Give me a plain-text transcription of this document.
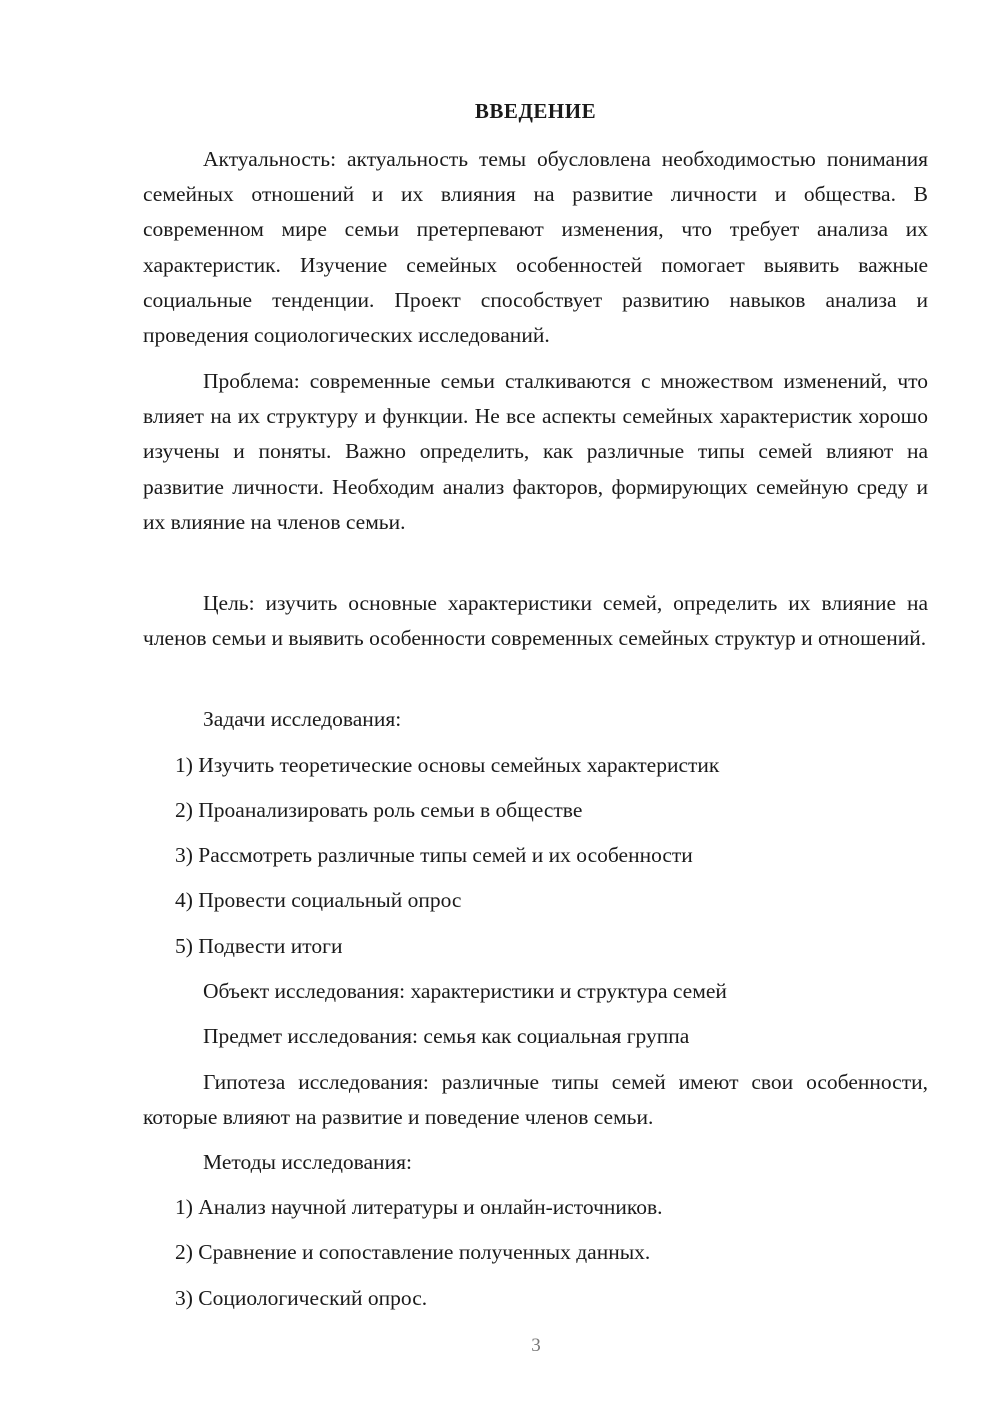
ВВЕДЕНИЕ

Актуальность: актуальность темы обусловлена необходимостью понимания семейных отношений и их влияния на развитие личности и общества. В современном мире семьи претерпевают изменения, что требует анализа их характеристик. Изучение семейных особенностей помогает выявить важные социальные тенденции. Проект способствует развитию навыков анализа и проведения социологических исследований.

Проблема: современные семьи сталкиваются с множеством изменений, что влияет на их структуру и функции. Не все аспекты семейных характеристик хорошо изучены и поняты. Важно определить, как различные типы семей влияют на развитие личности. Необходим анализ факторов, формирующих семейную среду и их влияние на членов семьи.

Цель: изучить основные характеристики семей, определить их влияние на членов семьи и выявить особенности современных семейных структур и отношений.

Задачи исследования:

1) Изучить теоретические основы семейных характеристик

2) Проанализировать роль семьи в обществе

3) Рассмотреть различные типы семей и их особенности

4) Провести социальный опрос

5) Подвести итоги

Объект исследования: характеристики и структура семей

Предмет исследования: семья как социальная группа

Гипотеза исследования: различные типы семей имеют свои особенности, которые влияют на развитие и поведение членов семьи.

Методы исследования:

1) Анализ научной литературы и онлайн-источников.

2) Сравнение и сопоставление полученных данных.

3) Социологический опрос.

3
